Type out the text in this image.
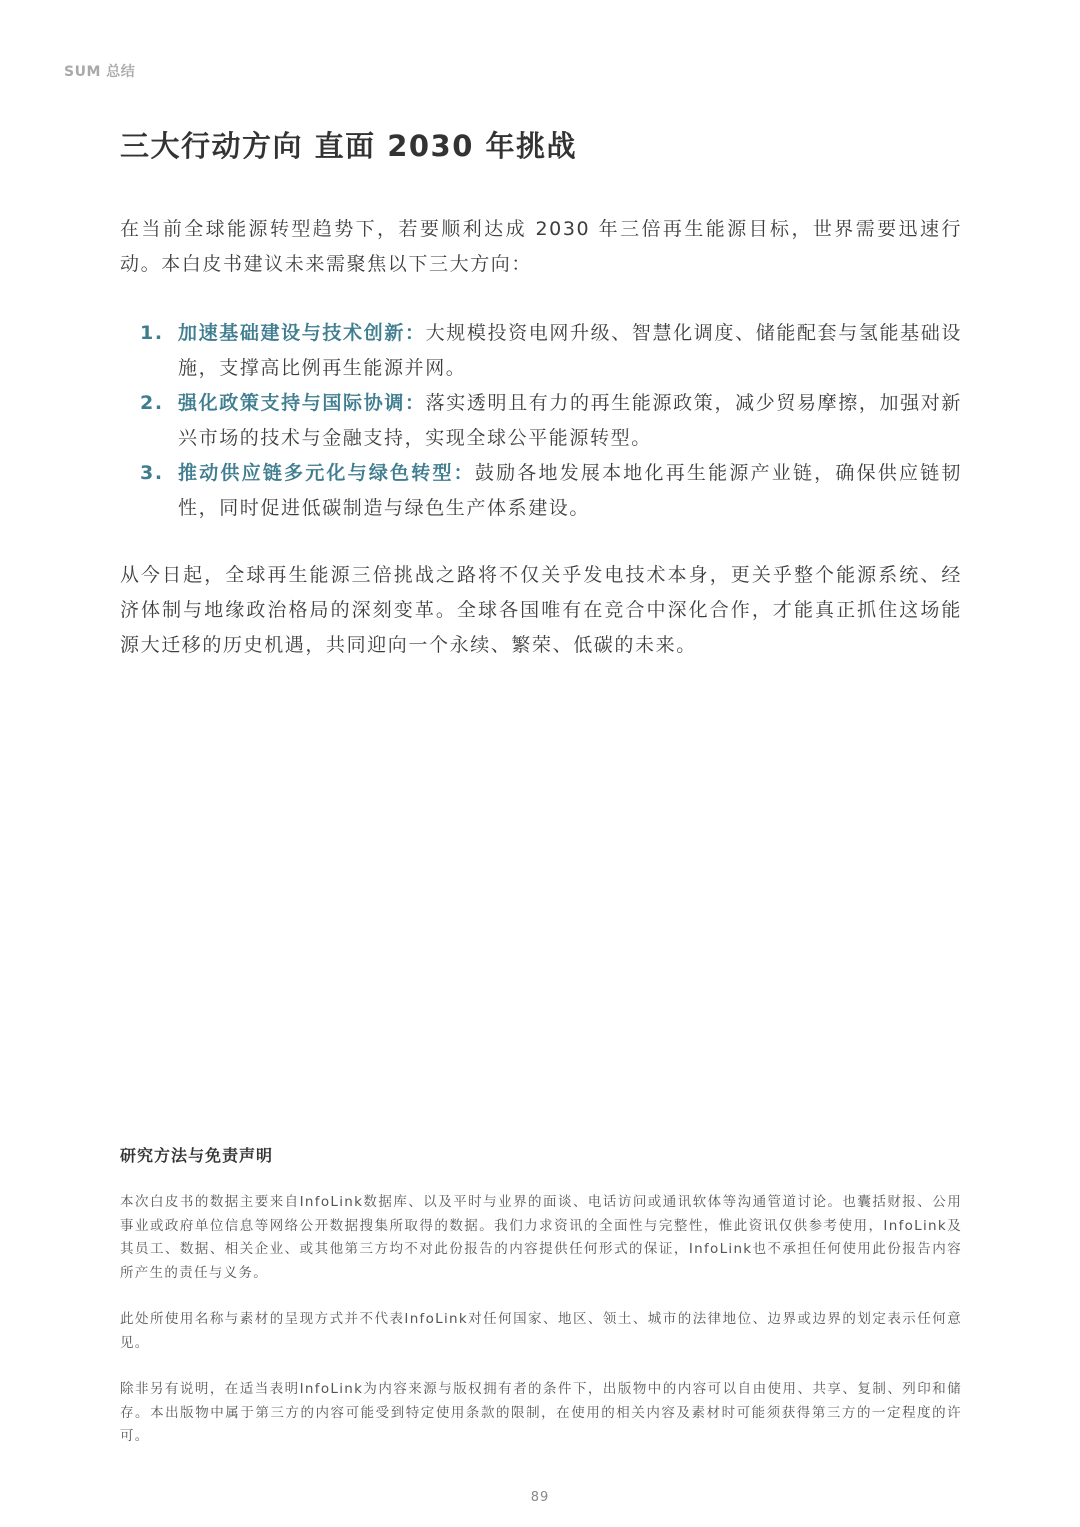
SUM 总结
三大行动方向 直面 2030 年挑战

在当前全球能源转型趋势下，若要顺利达成 2030 年三倍再生能源目标，世界需要迅速行动。本白皮书建议未来需聚焦以下三大方向：

1. 加速基础建设与技术创新：大规模投资电网升级、智慧化调度、储能配套与氢能基础设施，支撑高比例再生能源并网。
2. 强化政策支持与国际协调：落实透明且有力的再生能源政策，减少贸易摩擦，加强对新兴市场的技术与金融支持，实现全球公平能源转型。
3. 推动供应链多元化与绿色转型：鼓励各地发展本地化再生能源产业链，确保供应链韧性，同时促进低碳制造与绿色生产体系建设。

从今日起，全球再生能源三倍挑战之路将不仅关乎发电技术本身，更关乎整个能源系统、经济体制与地缘政治格局的深刻变革。全球各国唯有在竞合中深化合作，才能真正抓住这场能源大迁移的历史机遇，共同迎向一个永续、繁荣、低碳的未来。

研究方法与免责声明

本次白皮书的数据主要来自InfoLink数据库、以及平时与业界的面谈、电话访问或通讯软体等沟通管道讨论。也囊括财报、公用事业或政府单位信息等网络公开数据搜集所取得的数据。我们力求资讯的全面性与完整性，惟此资讯仅供参考使用，InfoLink及其员工、数据、相关企业、或其他第三方均不对此份报告的内容提供任何形式的保证，InfoLink也不承担任何使用此份报告内容所产生的责任与义务。

此处所使用名称与素材的呈现方式并不代表InfoLink对任何国家、地区、领土、城市的法律地位、边界或边界的划定表示任何意见。

除非另有说明，在适当表明InfoLink为内容来源与版权拥有者的条件下，出版物中的内容可以自由使用、共享、复制、列印和储存。本出版物中属于第三方的内容可能受到特定使用条款的限制，在使用的相关内容及素材时可能须获得第三方的一定程度的许可。

89
